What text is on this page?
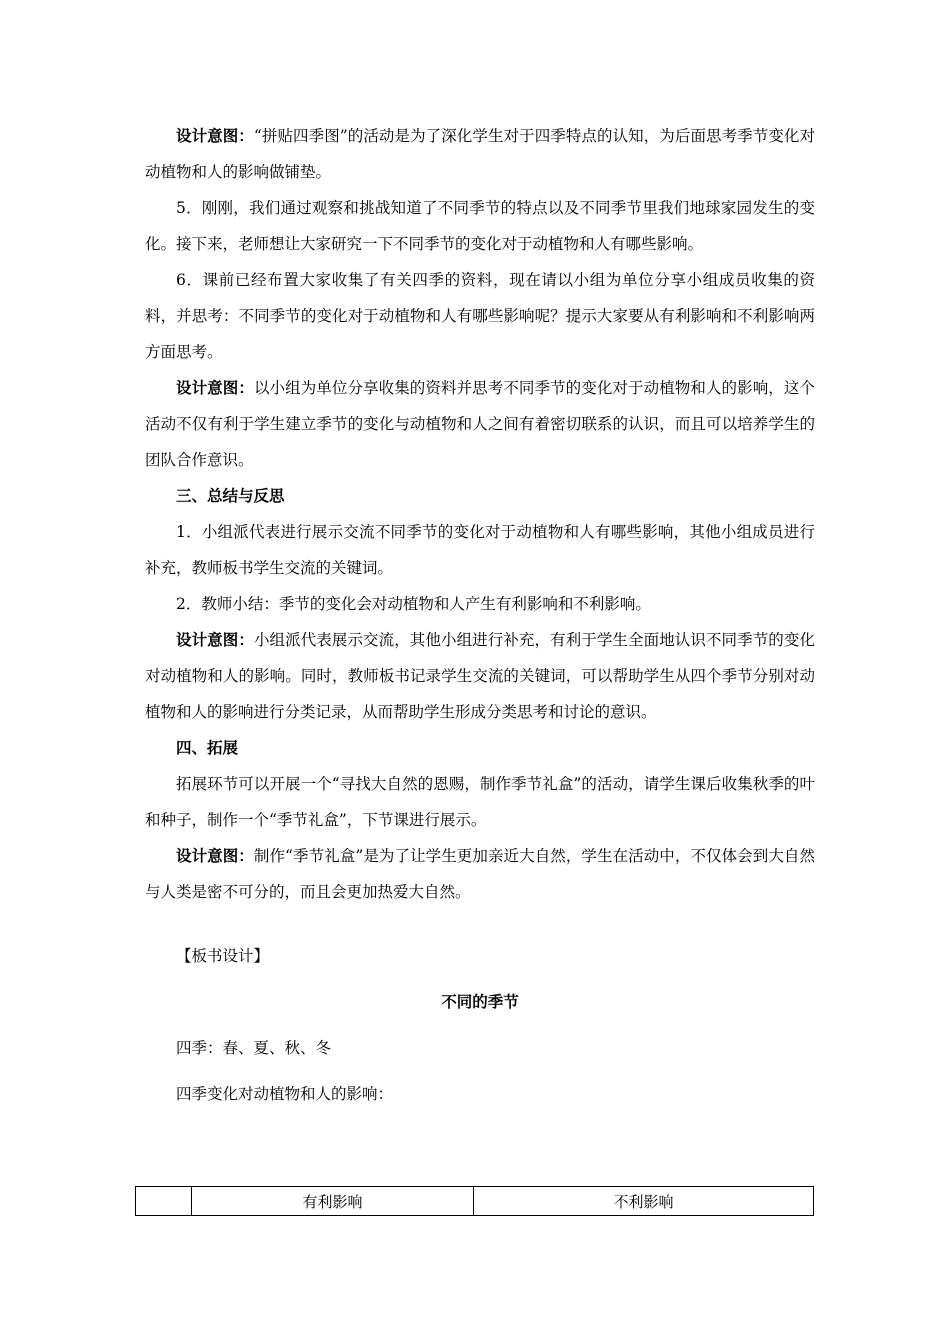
设计意图：“拼贴四季图”的活动是为了深化学生对于四季特点的认知，为后面思考季节变化对动植物和人的影响做铺垫。

5．刚刚，我们通过观察和挑战知道了不同季节的特点以及不同季节里我们地球家园发生的变化。接下来，老师想让大家研究一下不同季节的变化对于动植物和人有哪些影响。

6．课前已经布置大家收集了有关四季的资料，现在请以小组为单位分享小组成员收集的资料，并思考：不同季节的变化对于动植物和人有哪些影响呢？提示大家要从有利影响和不利影响两方面思考。

设计意图：以小组为单位分享收集的资料并思考不同季节的变化对于动植物和人的影响，这个活动不仅有利于学生建立季节的变化与动植物和人之间有着密切联系的认识，而且可以培养学生的团队合作意识。

三、总结与反思

1．小组派代表进行展示交流不同季节的变化对于动植物和人有哪些影响，其他小组成员进行补充，教师板书学生交流的关键词。

2．教师小结：季节的变化会对动植物和人产生有利影响和不利影响。

设计意图：小组派代表展示交流，其他小组进行补充，有利于学生全面地认识不同季节的变化对动植物和人的影响。同时，教师板书记录学生交流的关键词，可以帮助学生从四个季节分别对动植物和人的影响进行分类记录，从而帮助学生形成分类思考和讨论的意识。

四、拓展

拓展环节可以开展一个“寻找大自然的恩赐，制作季节礼盒”的活动，请学生课后收集秋季的叶和种子，制作一个“季节礼盒”，下节课进行展示。

设计意图：制作“季节礼盒”是为了让学生更加亲近大自然，学生在活动中，不仅体会到大自然与人类是密不可分的，而且会更加热爱大自然。

【板书设计】

不同的季节

四季：春、夏、秋、冬

四季变化对动植物和人的影响：

	有利影响	不利影响
